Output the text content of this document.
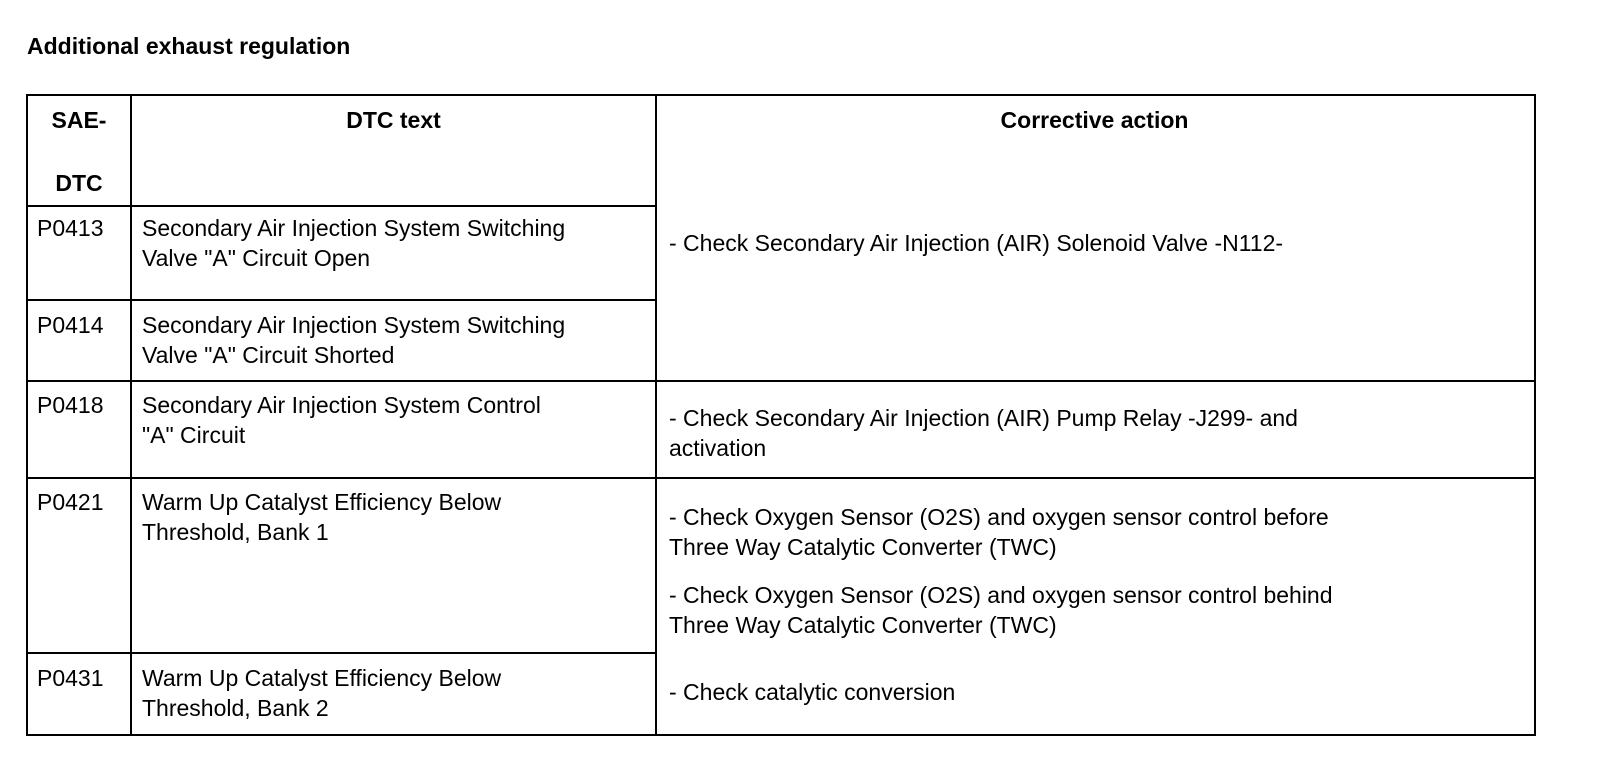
Additional exhaust regulation
SAE-
DTC
DTC text	Corrective action
P0413 Secondary Air Injection System Switching
Valve "A" Circuit Open
P0414 Secondary Air Injection System Switching
Valve "A" Circuit Shorted
- Check Secondary Air Injection (AIR) Solenoid Valve -N112-
P0418 Secondary Air Injection System Control
"A" Circuit
- Check Secondary Air Injection (AIR) Pump Relay -J299- and
activation
P0421 Warm Up Catalyst Efficiency Below
Threshold, Bank 1
P0431 Warm Up Catalyst Efficiency Below
Threshold, Bank 2
- Check Oxygen Sensor (O2S) and oxygen sensor control before
Three Way Catalytic Converter (TWC)
- Check Oxygen Sensor (O2S) and oxygen sensor control behind
Three Way Catalytic Converter (TWC)
- Check catalytic conversion
